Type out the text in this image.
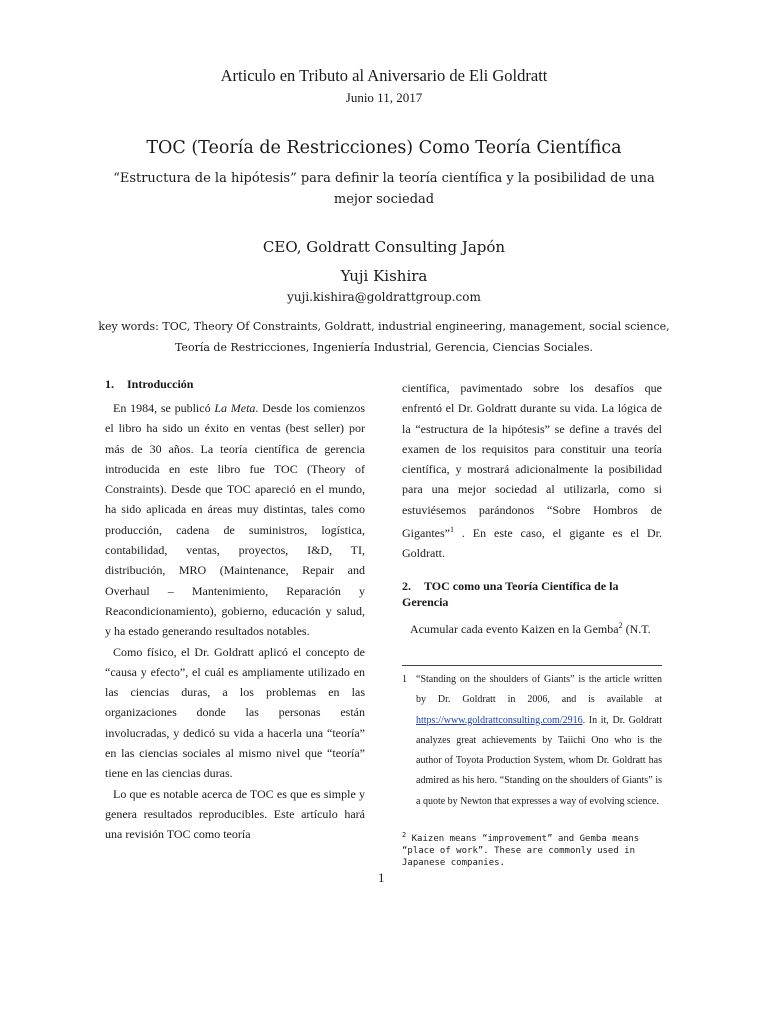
Articulo en Tributo al Aniversario de Eli Goldratt
Junio 11, 2017
TOC (Teoría de Restricciones) Como Teoría Científica
“Estructura de la hipótesis” para definir la teoría científica y la posibilidad de una mejor sociedad
CEO, Goldratt Consulting Japón
Yuji Kishira
yuji.kishira@goldrattgroup.com
key words: TOC, Theory Of Constraints, Goldratt, industrial engineering, management, social science,
Teoría de Restricciones, Ingeniería Industrial, Gerencia, Ciencias Sociales.
1. Introducción

En 1984, se publicó La Meta. Desde los comienzos el libro ha sido un éxito en ventas (best seller) por más de 30 años. La teoría científica de gerencia introducida en este libro fue TOC (Theory of Constraints). Desde que TOC apareció en el mundo, ha sido aplicada en áreas muy distintas, tales como producción, cadena de suministros, logística, contabilidad, ventas, proyectos, I&D, TI, distribución, MRO (Maintenance, Repair and Overhaul – Mantenimiento, Reparación y Reacondicionamiento), gobierno, educación y salud, y ha estado generando resultados notables.

Como físico, el Dr. Goldratt aplicó el concepto de “causa y efecto”, el cuál es ampliamente utilizado en las ciencias duras, a los problemas en las organizaciones donde las personas están involucradas, y dedicó su vida a hacerla una “teoría” en las ciencias sociales al mismo nivel que “teoría” tiene en las ciencias duras.

Lo que es notable acerca de TOC es que es simple y genera resultados reproducibles. Este artículo hará una revisión TOC como teoría

científica, pavimentado sobre los desafíos que enfrentó el Dr. Goldratt durante su vida. La lógica de la “estructura de la hipótesis” se define a través del examen de los requisitos para constituir una teoría científica, y mostrará adicionalmente la posibilidad para una mejor sociedad al utilizarla, como si estuviésemos parándonos “Sobre Hombros de Gigantes”$^1$ . En este caso, el gigante es el Dr. Goldratt.

2. TOC como una Teoría Científica de la Gerencia

Acumular cada evento Kaizen en la Gemba$^2$ (N.T.

1 “Standing on the shoulders of Giants” is the article written by Dr. Goldratt in 2006, and is available at https://www.goldrattconsulting.com/2916. In it, Dr. Goldratt analyzes great achievements by Taiichi Ono who is the author of Toyota Production System, whom Dr. Goldratt has admired as his hero. “Standing on the shoulders of Giants” is a quote by Newton that expresses a way of evolving science.
$^2$ Kaizen means “improvement” and Gemba means “place of work”. These are commonly used in Japanese companies.
1
